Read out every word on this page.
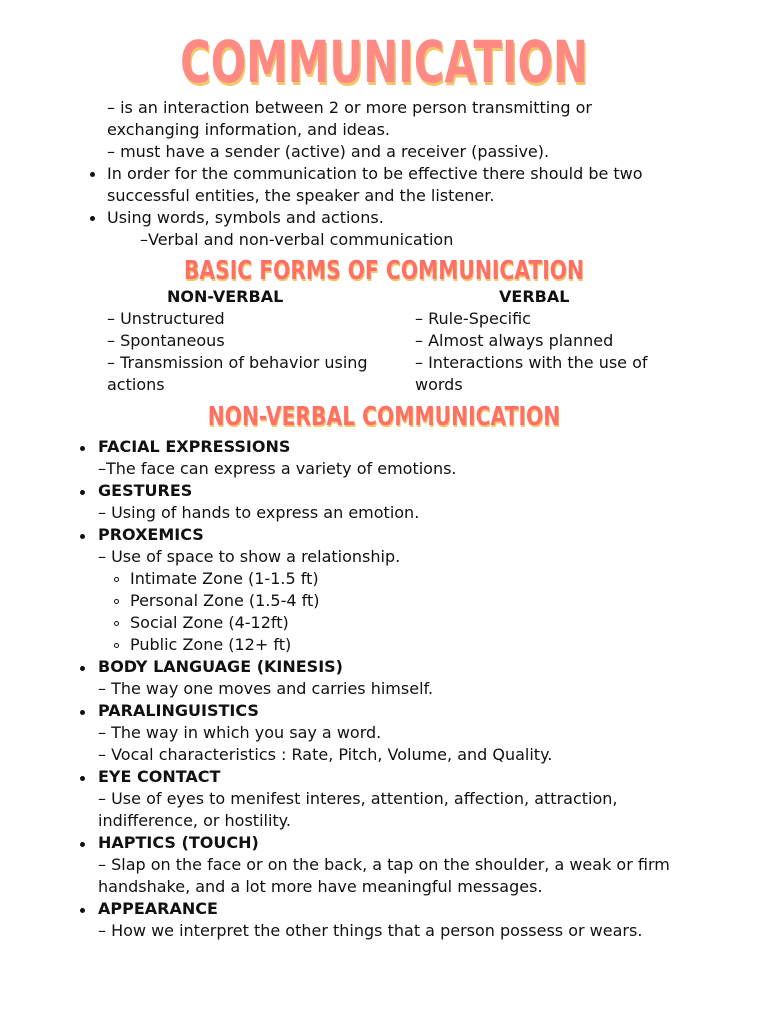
COMMUNICATION
– is an interaction between 2 or more person transmitting or
exchanging information, and ideas.
– must have a sender (active) and a receiver (passive).
In order for the communication to be effective there should be two
successful entities, the speaker and the listener.
Using words, symbols and actions.
–Verbal and non-verbal communication
BASIC FORMS OF COMMUNICATION
NON-VERBAL	VERBAL
– Unstructured
– Spontaneous
– Transmission of behavior using
actions
– Rule-Specific
– Almost always planned
– Interactions with the use of
words
NON-VERBAL COMMUNICATION
FACIAL EXPRESSIONS
–The face can express a variety of emotions.
GESTURES
– Using of hands to express an emotion.
PROXEMICS
– Use of space to show a relationship.
Intimate Zone (1-1.5 ft)
Personal Zone (1.5-4 ft)
Social Zone (4-12ft)
Public Zone (12+ ft)
BODY LANGUAGE (KINESIS)
– The way one moves and carries himself.
PARALINGUISTICS
– The way in which you say a word.
– Vocal characteristics : Rate, Pitch, Volume, and Quality.
EYE CONTACT
– Use of eyes to menifest interes, attention, affection, attraction,
indifference, or hostility.
HAPTICS (TOUCH)
– Slap on the face or on the back, a tap on the shoulder, a weak or firm
handshake, and a lot more have meaningful messages.
APPEARANCE
– How we interpret the other things that a person possess or wears.
